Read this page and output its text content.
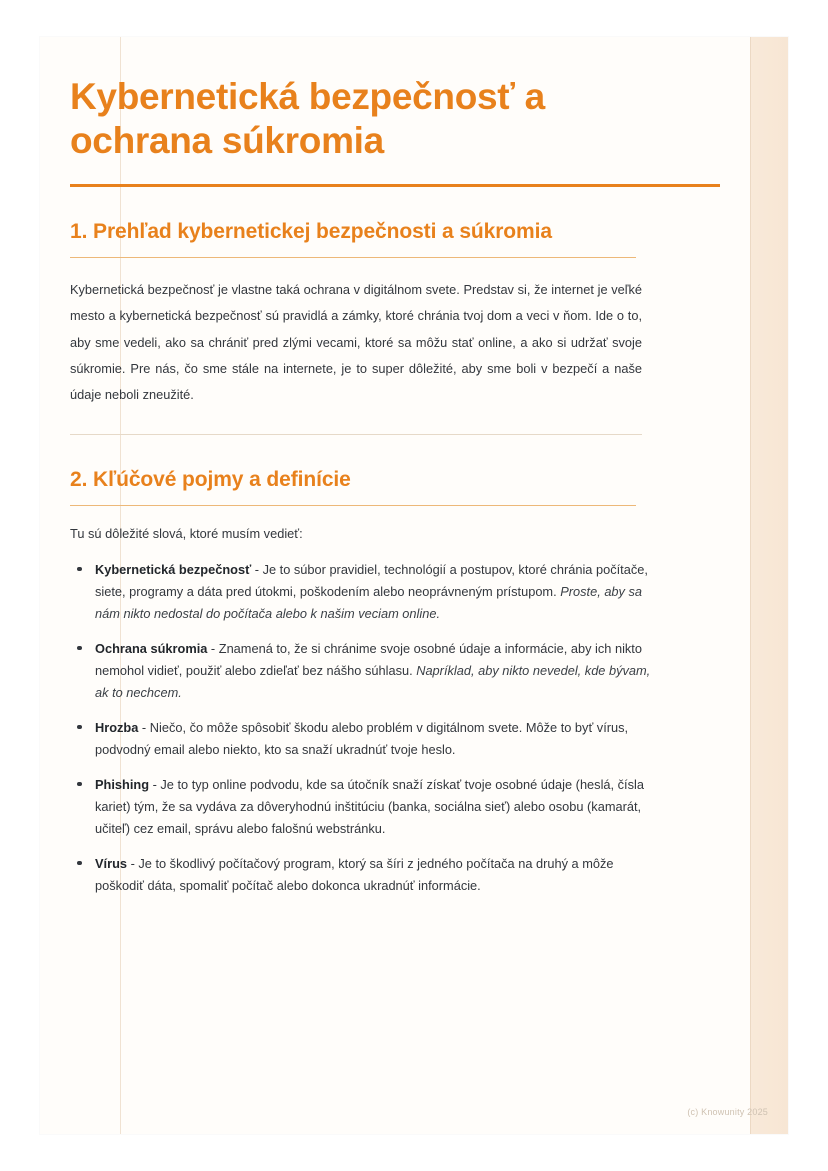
Kybernetická bezpečnosť a ochrana súkromia
1. Prehľad kybernetickej bezpečnosti a súkromia

Kybernetická bezpečnosť je vlastne taká ochrana v digitálnom svete. Predstav si, že internet je veľké mesto a kybernetická bezpečnosť sú pravidlá a zámky, ktoré chránia tvoj dom a veci v ňom. Ide o to, aby sme vedeli, ako sa chrániť pred zlými vecami, ktoré sa môžu stať online, a ako si udržať svoje súkromie. Pre nás, čo sme stále na internete, je to super dôležité, aby sme boli v bezpečí a naše údaje neboli zneužité.

2. Kľúčové pojmy a definície

Tu sú dôležité slová, ktoré musím vedieť:

Kybernetická bezpečnosť - Je to súbor pravidiel, technológií a postupov, ktoré chránia počítače, siete, programy a dáta pred útokmi, poškodením alebo neoprávneným prístupom. Proste, aby sa nám nikto nedostal do počítača alebo k našim veciam online.
Ochrana súkromia - Znamená to, že si chránime svoje osobné údaje a informácie, aby ich nikto nemohol vidieť, použiť alebo zdieľať bez nášho súhlasu. Napríklad, aby nikto nevedel, kde bývam, ak to nechcem.
Hrozba - Niečo, čo môže spôsobiť škodu alebo problém v digitálnom svete. Môže to byť vírus, podvodný email alebo niekto, kto sa snaží ukradnúť tvoje heslo.
Phishing - Je to typ online podvodu, kde sa útočník snaží získať tvoje osobné údaje (heslá, čísla kariet) tým, že sa vydáva za dôveryhodnú inštitúciu (banka, sociálna sieť) alebo osobu (kamarát, učiteľ) cez email, správu alebo falošnú webstránku.
Vírus - Je to škodlivý počítačový program, ktorý sa šíri z jedného počítača na druhý a môže poškodiť dáta, spomaliť počítač alebo dokonca ukradnúť informácie.
(c) Knowunity 2025
